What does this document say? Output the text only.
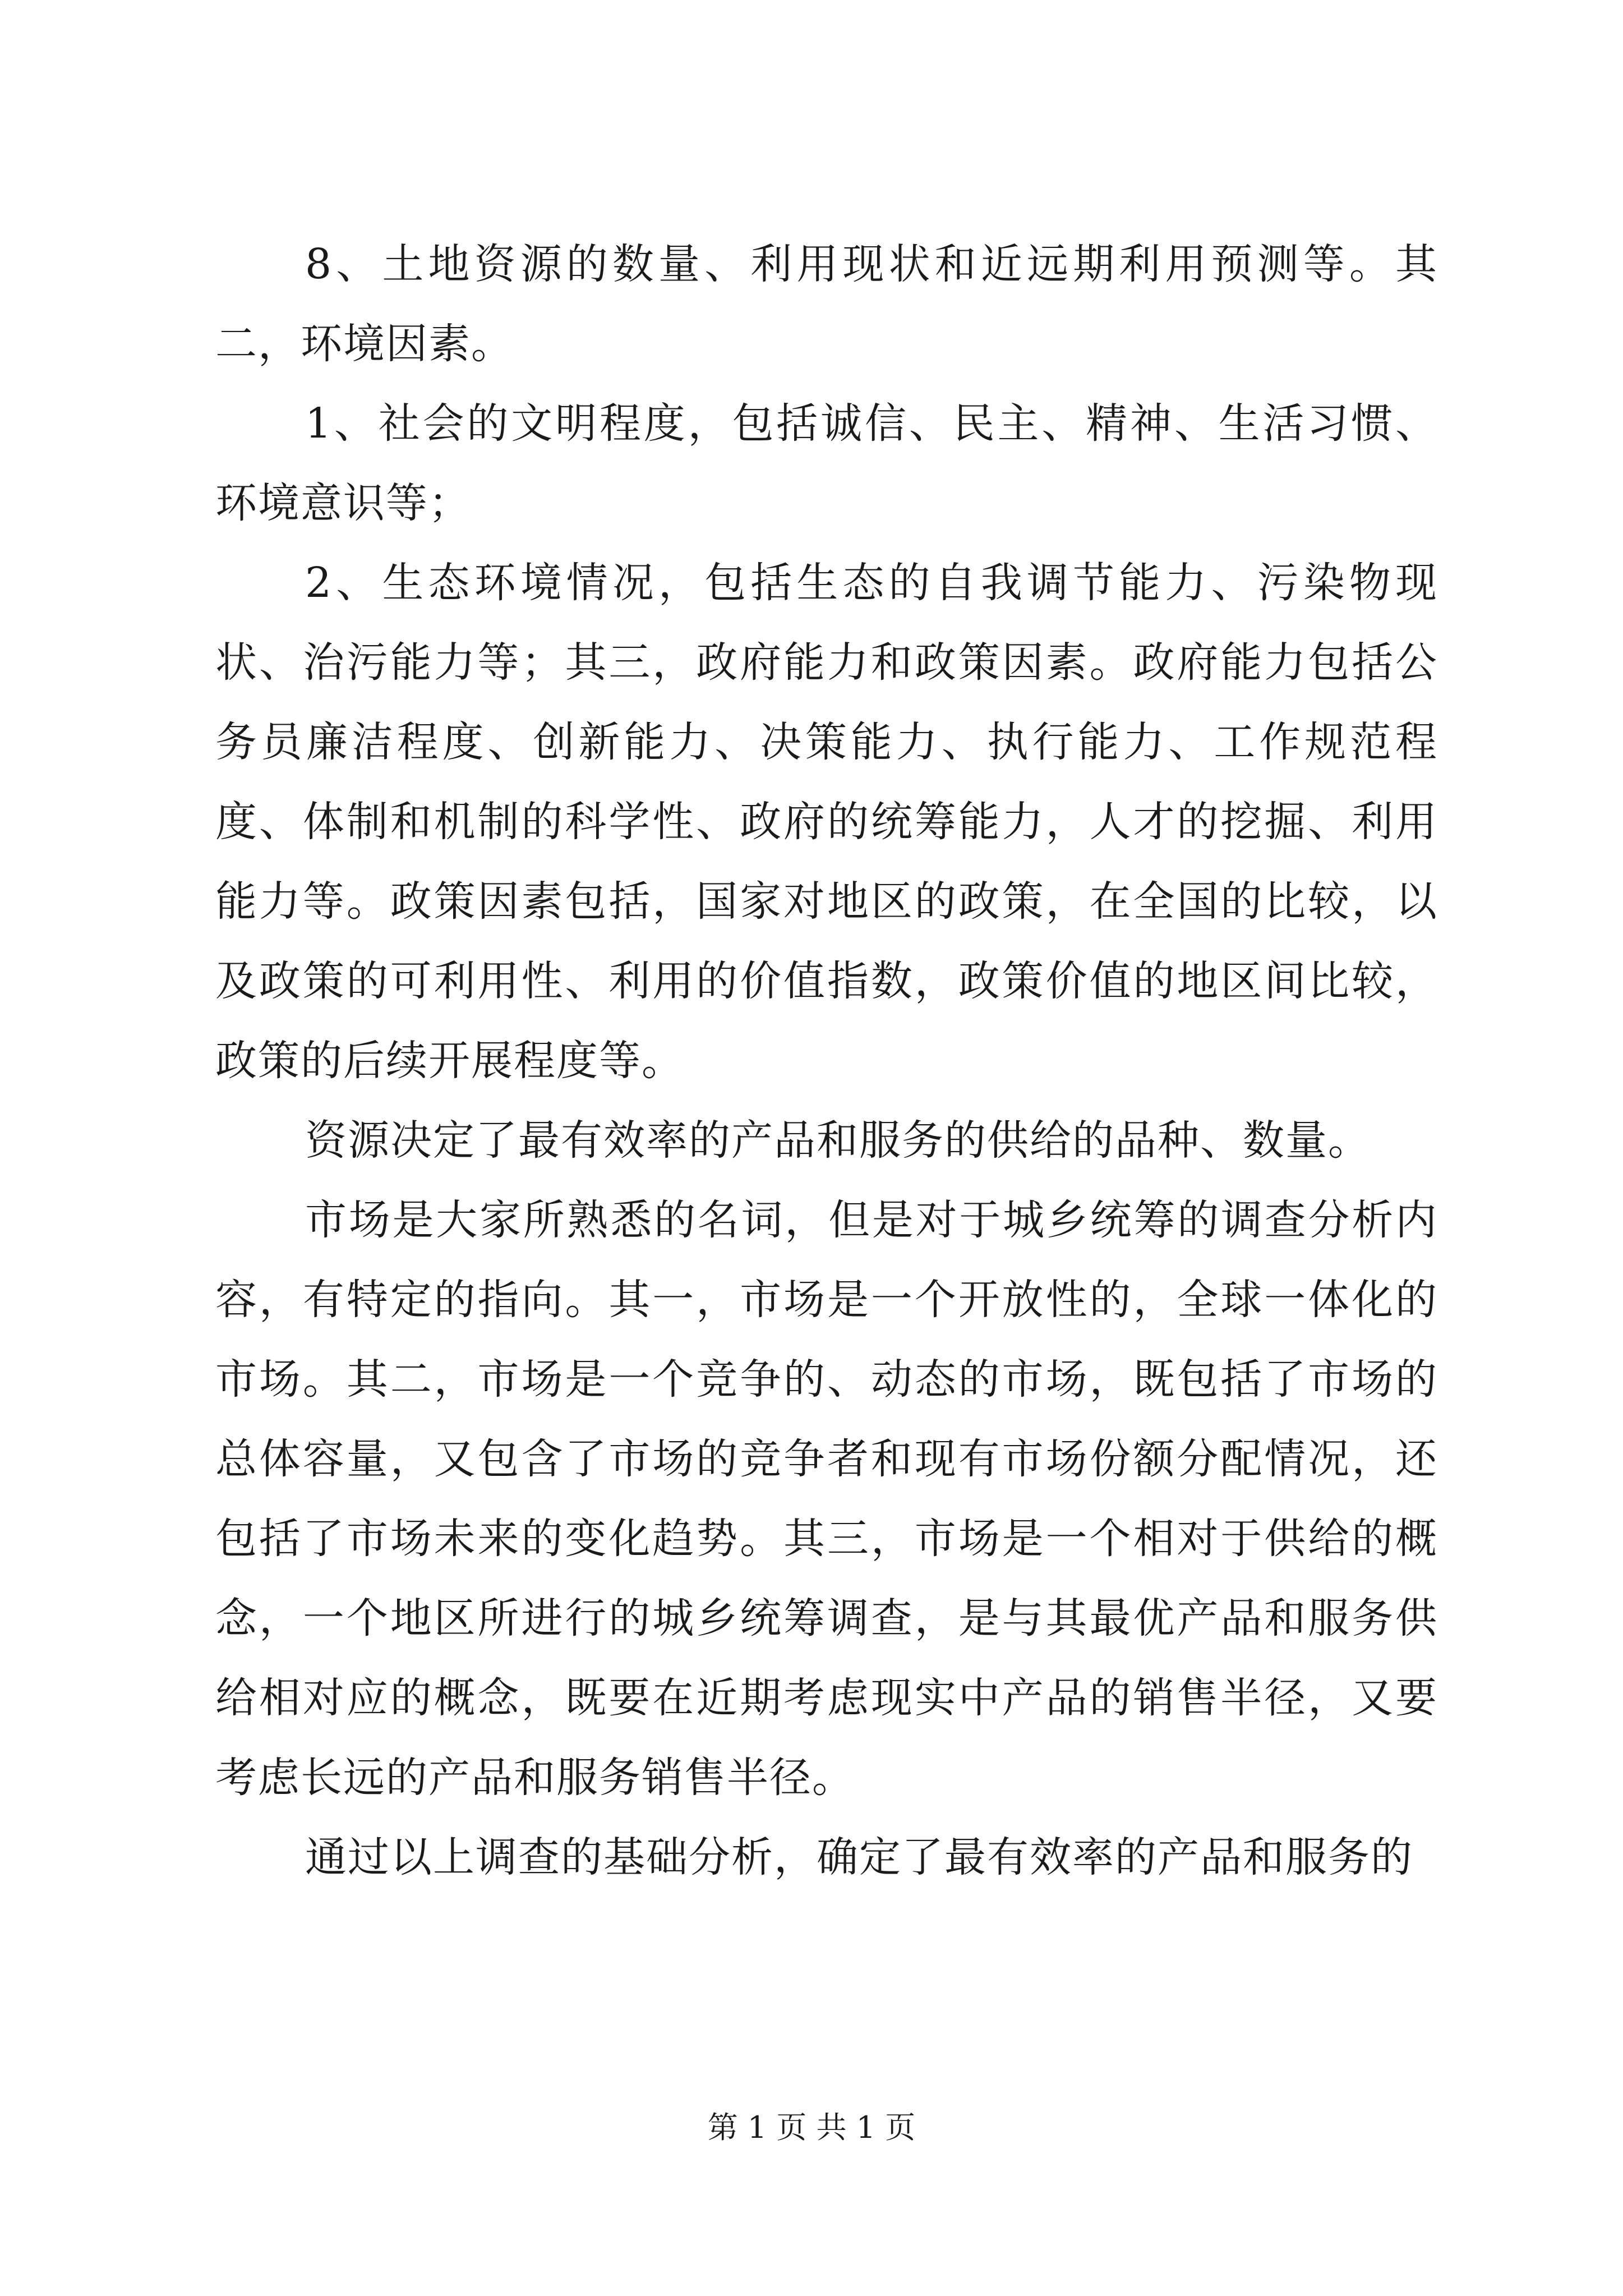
8、土地资源的数量、利用现状和近远期利用预测等。其二，环境因素。

1、社会的文明程度，包括诚信、民主、精神、生活习惯、环境意识等；

2、生态环境情况，包括生态的自我调节能力、污染物现状、治污能力等；其三，政府能力和政策因素。政府能力包括公务员廉洁程度、创新能力、决策能力、执行能力、工作规范程度、体制和机制的科学性、政府的统筹能力，人才的挖掘、利用能力等。政策因素包括，国家对地区的政策，在全国的比较，以及政策的可利用性、利用的价值指数，政策价值的地区间比较，政策的后续开展程度等。

资源决定了最有效率的产品和服务的供给的品种、数量。

市场是大家所熟悉的名词，但是对于城乡统筹的调查分析内容，有特定的指向。其一，市场是一个开放性的，全球一体化的市场。其二，市场是一个竞争的、动态的市场，既包括了市场的总体容量，又包含了市场的竞争者和现有市场份额分配情况，还包括了市场未来的变化趋势。其三，市场是一个相对于供给的概念，一个地区所进行的城乡统筹调查，是与其最优产品和服务供给相对应的概念，既要在近期考虑现实中产品的销售半径，又要考虑长远的产品和服务销售半径。

通过以上调查的基础分析，确定了最有效率的产品和服务的

第 1 页 共 1 页
